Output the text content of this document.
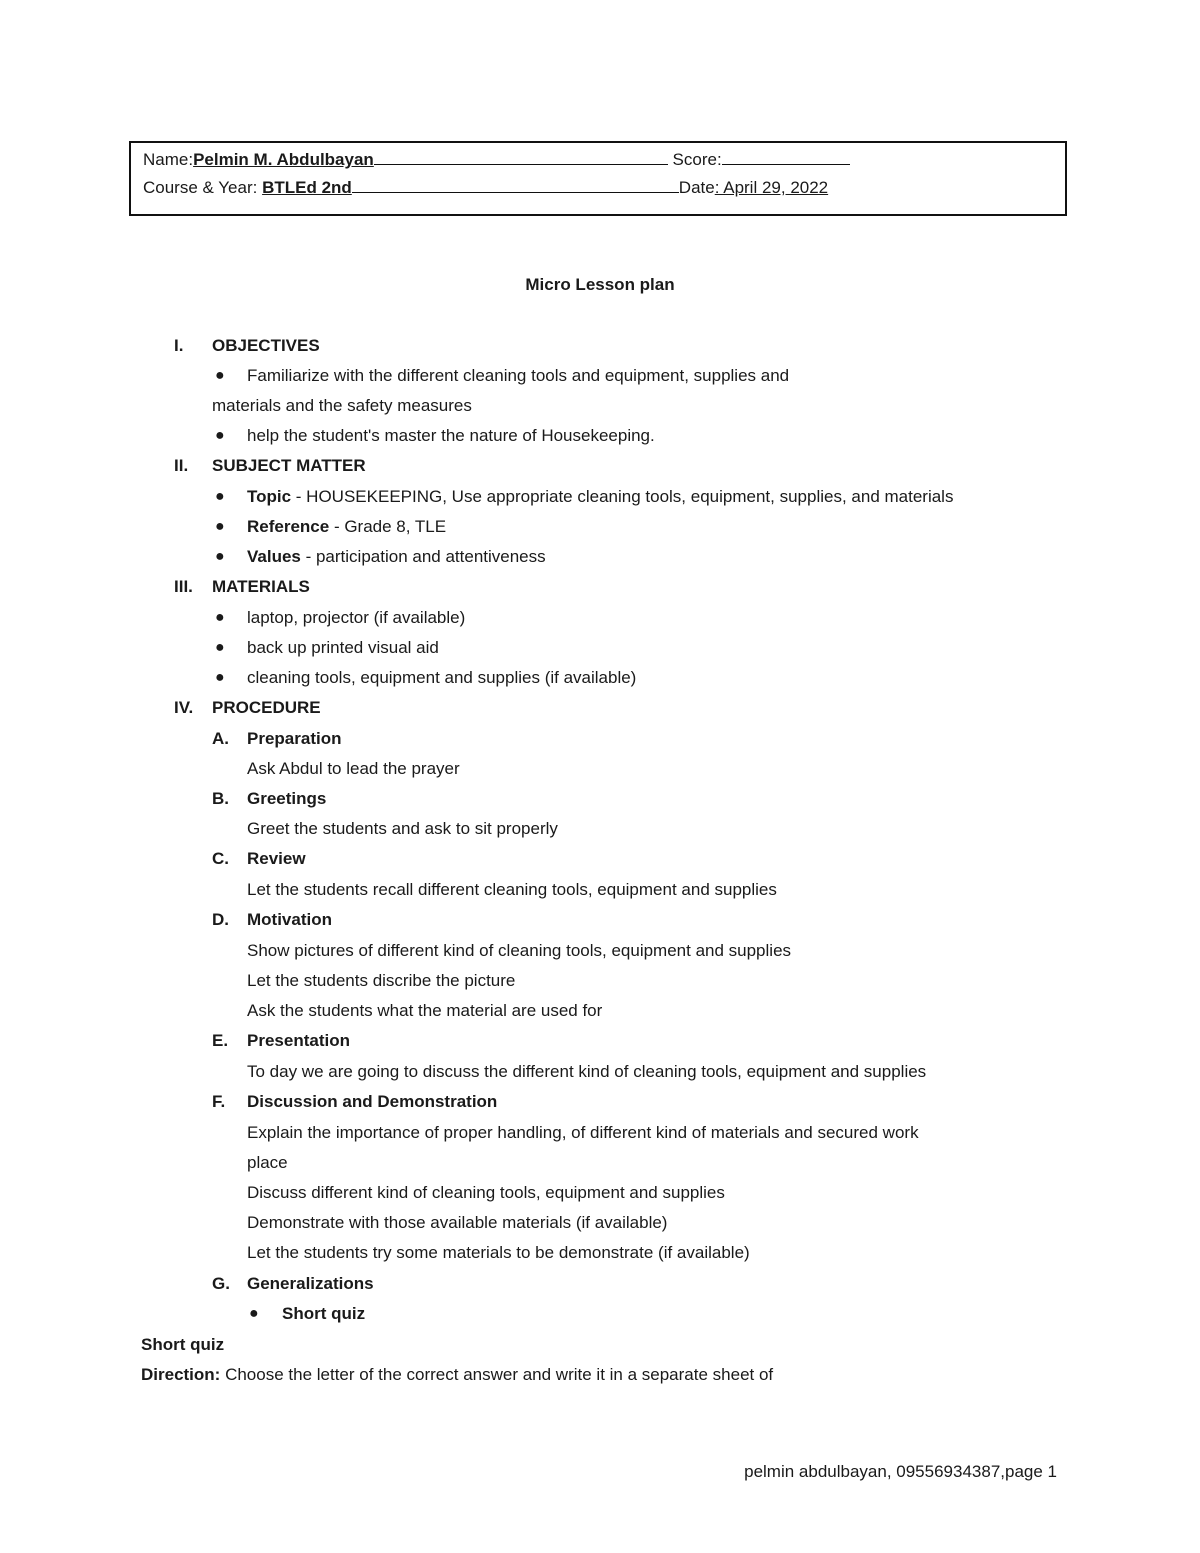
Name:Pelmin M. Abdulbayan	Score:
Course & Year: BTLEd 2nd	Date: April 29, 2022
Micro Lesson plan
I.	OBJECTIVES
● Familiarize with the different cleaning tools and equipment, supplies and
materials and the safety measures
● help the student's master the nature of Housekeeping.
II.	SUBJECT MATTER
● Topic - HOUSEKEEPING, Use appropriate cleaning tools, equipment, supplies, and materials
● Reference - Grade 8, TLE
● Values - participation and attentiveness
III.	MATERIALS
● laptop, projector (if available)
● back up printed visual aid
● cleaning tools, equipment and supplies (if available)
IV.	PROCEDURE
A. Preparation
Ask Abdul to lead the prayer
B. Greetings
Greet the students and ask to sit properly
C. Review
Let the students recall different cleaning tools, equipment and supplies
D. Motivation
Show pictures of different kind of cleaning tools, equipment and supplies
Let the students discribe the picture
Ask the students what the material are used for
E. Presentation
To day we are going to discuss the different kind of cleaning tools, equipment and supplies
F. Discussion and Demonstration
Explain the importance of proper handling, of different kind of materials and secured work
place
Discuss different kind of cleaning tools, equipment and supplies
Demonstrate with those available materials (if available)
Let the students try some materials to be demonstrate (if available)
G. Generalizations
● Short quiz
Short quiz
Direction: Choose the letter of the correct answer and write it in a separate sheet of
pelmin abdulbayan, 09556934387,page 1
